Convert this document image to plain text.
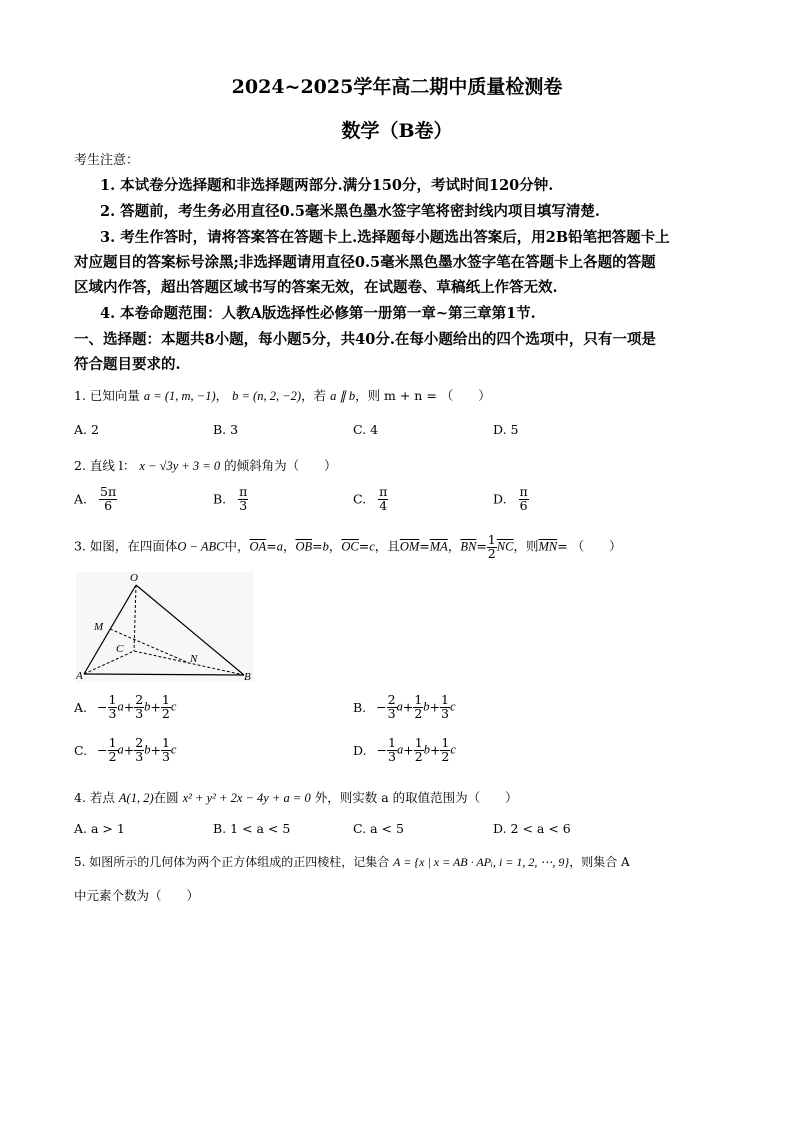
2024~2025学年高二期中质量检测卷
数学（B卷）
考生注意：
1. 本试卷分选择题和非选择题两部分.满分150分，考试时间120分钟.
2. 答题前，考生务必用直径0.5毫米黑色墨水签字笔将密封线内项目填写清楚.
3. 考生作答时，请将答案答在答题卡上.选择题每小题选出答案后，用2B铅笔把答题卡上
对应题目的答案标号涂黑;非选择题请用直径0.5毫米黑色墨水签字笔在答题卡上各题的答题
区域内作答，超出答题区域书写的答案无效，在试题卷、草稿纸上作答无效.
4. 本卷命题范围：人教A版选择性必修第一册第一章~第三章第1节.
一、选择题：本题共8小题，每小题5分，共40分.在每小题给出的四个选项中，只有一项是
符合题目要求的.
1. 已知向量 a = (1, m, −1)， b = (n, 2, −2)，若 a ∥ b，则 m + n = （　　）
A. 2	B. 3	C. 4	D. 5
2. 直线 l： x − √3y + 3 = 0 的倾斜角为（　　）
A. $\frac{5\pi}{6}$	B. $\frac{\pi}{3}$	C. $\frac{\pi}{4}$	D. $\frac{\pi}{6}$
3. 如图，在四面体O − ABC中，$\overline{OA}=a$，$\overline{OB}=b$，$\overline{OC}=c$，且$\overline{OM}=\overline{MA}$，$\overline{BN}= \frac{1}{2} \overline{NC}$，则$\overline{MN}=$ （　　）
O
M
C
N
A	B
A. − $\frac{1}{3} a+ \frac{2}{3} b+ \frac{1}{2}$ c	B. − $\frac{2}{3} a+ \frac{1}{2} b+ \frac{1}{3}$ c
C. − $\frac{1}{2} a+ \frac{2}{3} b+ \frac{1}{3}$ c	D. − $\frac{1}{3} a+ \frac{1}{2} b+ \frac{1}{2}$ c
4. 若点 A(1, 2)在圆 x² + y² + 2x − 4y + a = 0 外，则实数 a 的取值范围为（　　）
A. a > 1	B. 1 < a < 5	C. a < 5	D. 2 < a < 6
5. 如图所示的几何体为两个正方体组成的正四棱柱，记集合 A = {x | x = AB · APᵢ, i = 1, 2, ⋯, 9}，则集合 A
中元素个数为（　　）
